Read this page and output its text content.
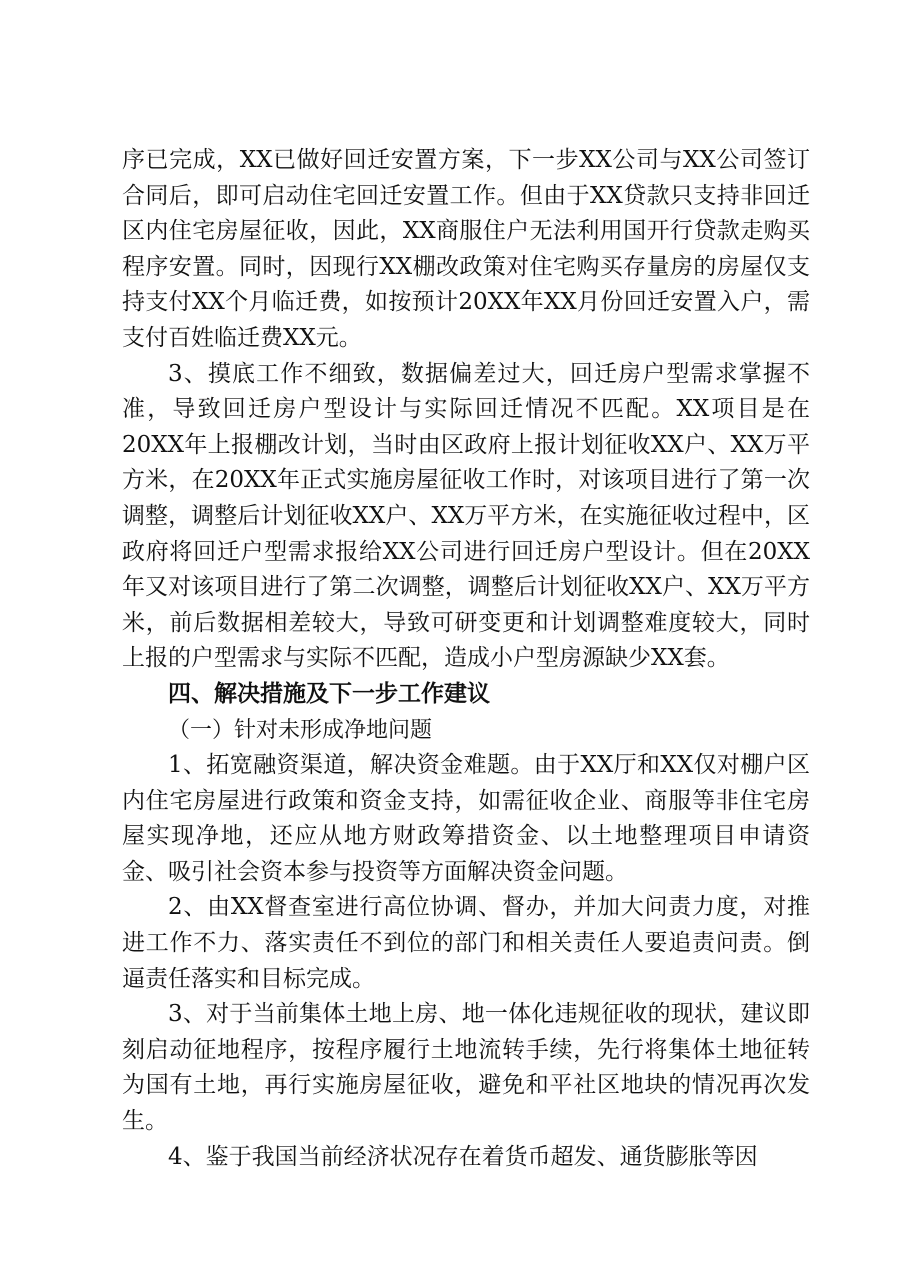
序已完成，XX已做好回迁安置方案，下一步XX公司与XX公司签订合同后，即可启动住宅回迁安置工作。但由于XX贷款只支持非回迁区内住宅房屋征收，因此，XX商服住户无法利用国开行贷款走购买程序安置。同时，因现行XX棚改政策对住宅购买存量房的房屋仅支持支付XX个月临迁费，如按预计20XX年XX月份回迁安置入户，需支付百姓临迁费XX元。

3、摸底工作不细致，数据偏差过大，回迁房户型需求掌握不准，导致回迁房户型设计与实际回迁情况不匹配。XX项目是在20XX年上报棚改计划，当时由区政府上报计划征收XX户、XX万平方米，在20XX年正式实施房屋征收工作时，对该项目进行了第一次调整，调整后计划征收XX户、XX万平方米，在实施征收过程中，区政府将回迁户型需求报给XX公司进行回迁房户型设计。但在20XX年又对该项目进行了第二次调整，调整后计划征收XX户、XX万平方米，前后数据相差较大，导致可研变更和计划调整难度较大，同时上报的户型需求与实际不匹配，造成小户型房源缺少XX套。

四、解决措施及下一步工作建议

（一）针对未形成净地问题

1、拓宽融资渠道，解决资金难题。由于XX厅和XX仅对棚户区内住宅房屋进行政策和资金支持，如需征收企业、商服等非住宅房屋实现净地，还应从地方财政筹措资金、以土地整理项目申请资金、吸引社会资本参与投资等方面解决资金问题。

2、由XX督查室进行高位协调、督办，并加大问责力度，对推进工作不力、落实责任不到位的部门和相关责任人要追责问责。倒逼责任落实和目标完成。

3、对于当前集体土地上房、地一体化违规征收的现状，建议即刻启动征地程序，按程序履行土地流转手续，先行将集体土地征转为国有土地，再行实施房屋征收，避免和平社区地块的情况再次发生。

4、鉴于我国当前经济状况存在着货币超发、通货膨胀等因
